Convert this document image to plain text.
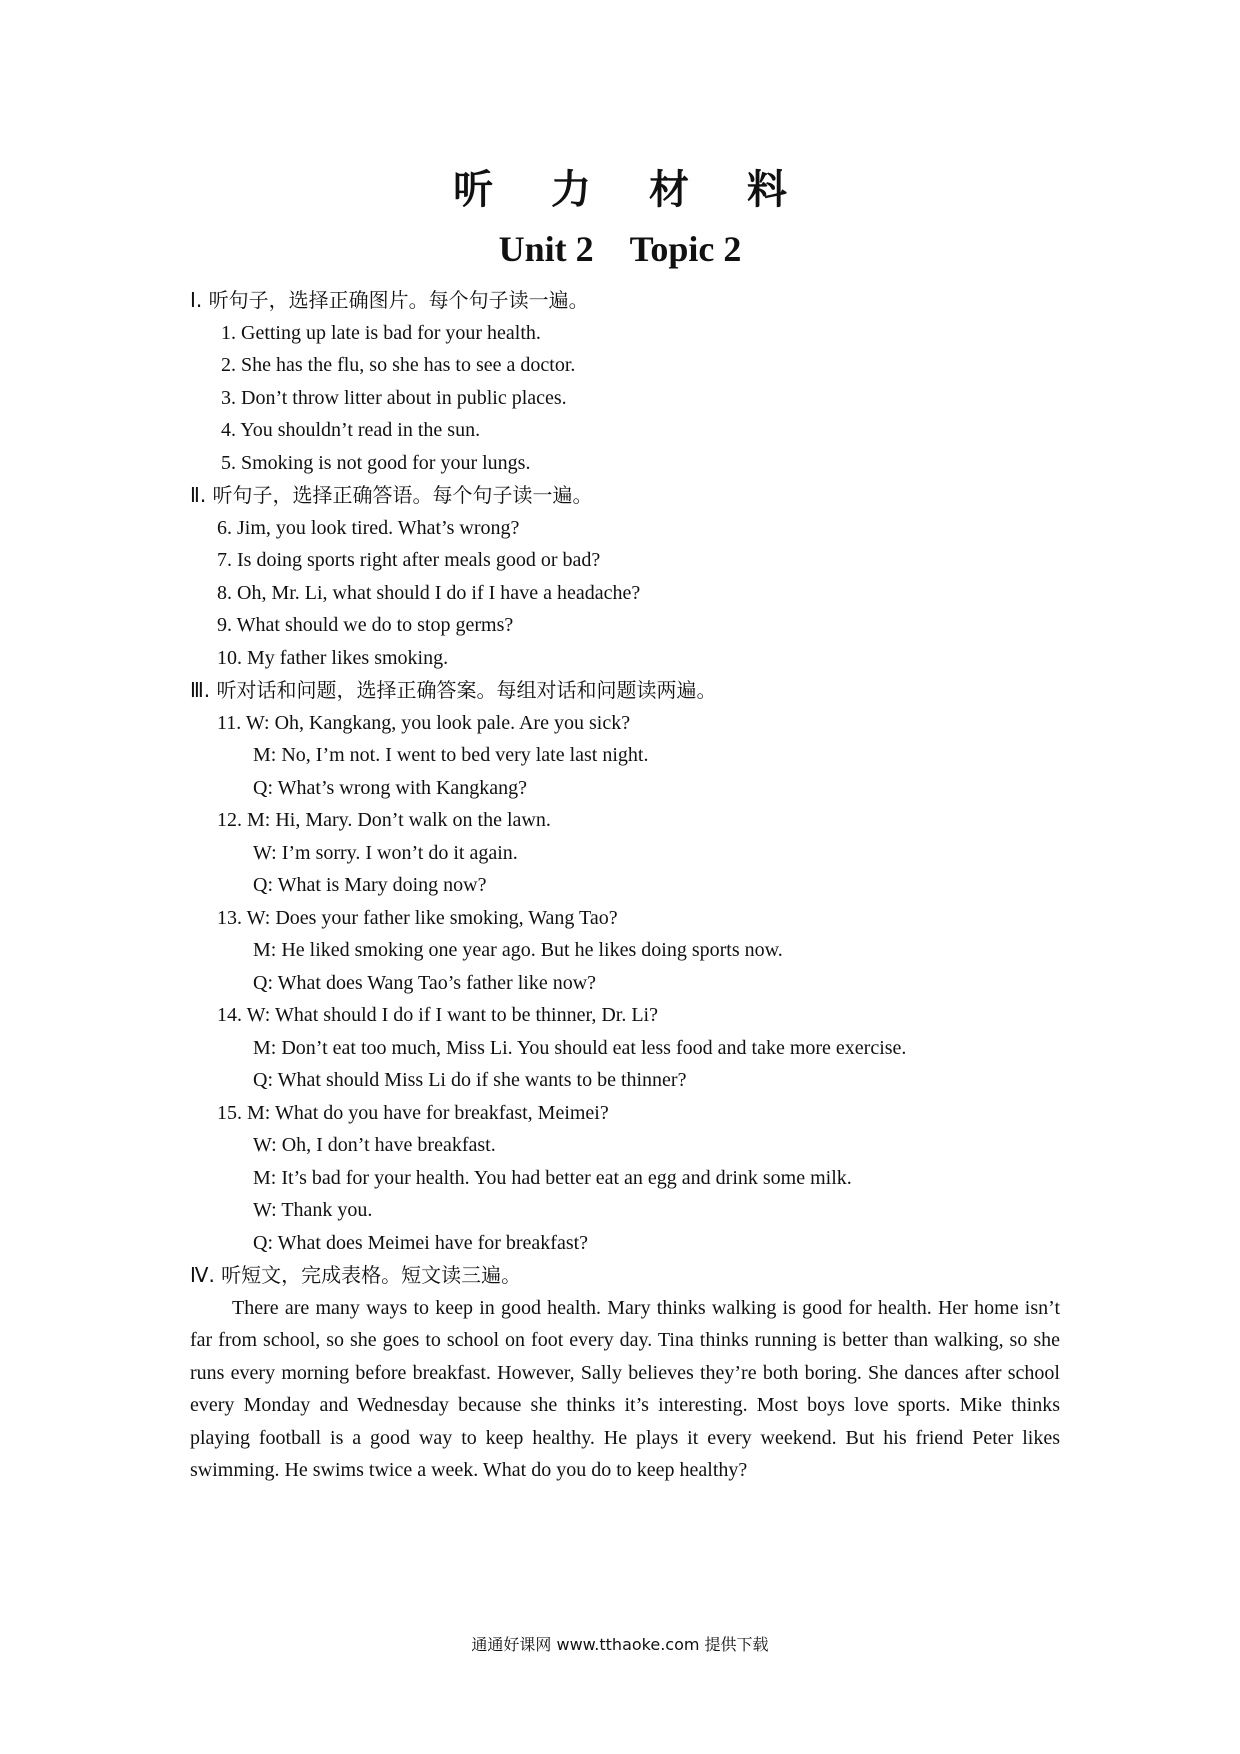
听 力 材 料
Unit 2 Topic 2
Ⅰ. 听句子，选择正确图片。每个句子读一遍。
1. Getting up late is bad for your health.
2. She has the flu, so she has to see a doctor.
3. Don’t throw litter about in public places.
4. You shouldn’t read in the sun.
5. Smoking is not good for your lungs.
Ⅱ. 听句子，选择正确答语。每个句子读一遍。
6. Jim, you look tired. What’s wrong?
7. Is doing sports right after meals good or bad?
8. Oh, Mr. Li, what should I do if I have a headache?
9. What should we do to stop germs?
10. My father likes smoking.
Ⅲ. 听对话和问题，选择正确答案。每组对话和问题读两遍。
11. W: Oh, Kangkang, you look pale. Are you sick?
M: No, I’m not. I went to bed very late last night.
Q: What’s wrong with Kangkang?
12. M: Hi, Mary. Don’t walk on the lawn.
W: I’m sorry. I won’t do it again.
Q: What is Mary doing now?
13. W: Does your father like smoking, Wang Tao?
M: He liked smoking one year ago. But he likes doing sports now.
Q: What does Wang Tao’s father like now?
14. W: What should I do if I want to be thinner, Dr. Li?
M: Don’t eat too much, Miss Li. You should eat less food and take more exercise.
Q: What should Miss Li do if she wants to be thinner?
15. M: What do you have for breakfast, Meimei?
W: Oh, I don’t have breakfast.
M: It’s bad for your health. You had better eat an egg and drink some milk.
W: Thank you.
Q: What does Meimei have for breakfast?
Ⅳ. 听短文，完成表格。短文读三遍。
There are many ways to keep in good health. Mary thinks walking is good for health. Her home isn’t far from school, so she goes to school on foot every day. Tina thinks running is better than walking, so she runs every morning before breakfast. However, Sally believes they’re both boring. She dances after school every Monday and Wednesday because she thinks it’s interesting. Most boys love sports. Mike thinks playing football is a good way to keep healthy. He plays it every weekend. But his friend Peter likes swimming. He swims twice a week. What do you do to keep healthy?
通通好课网 www.tthaoke.com 提供下载
